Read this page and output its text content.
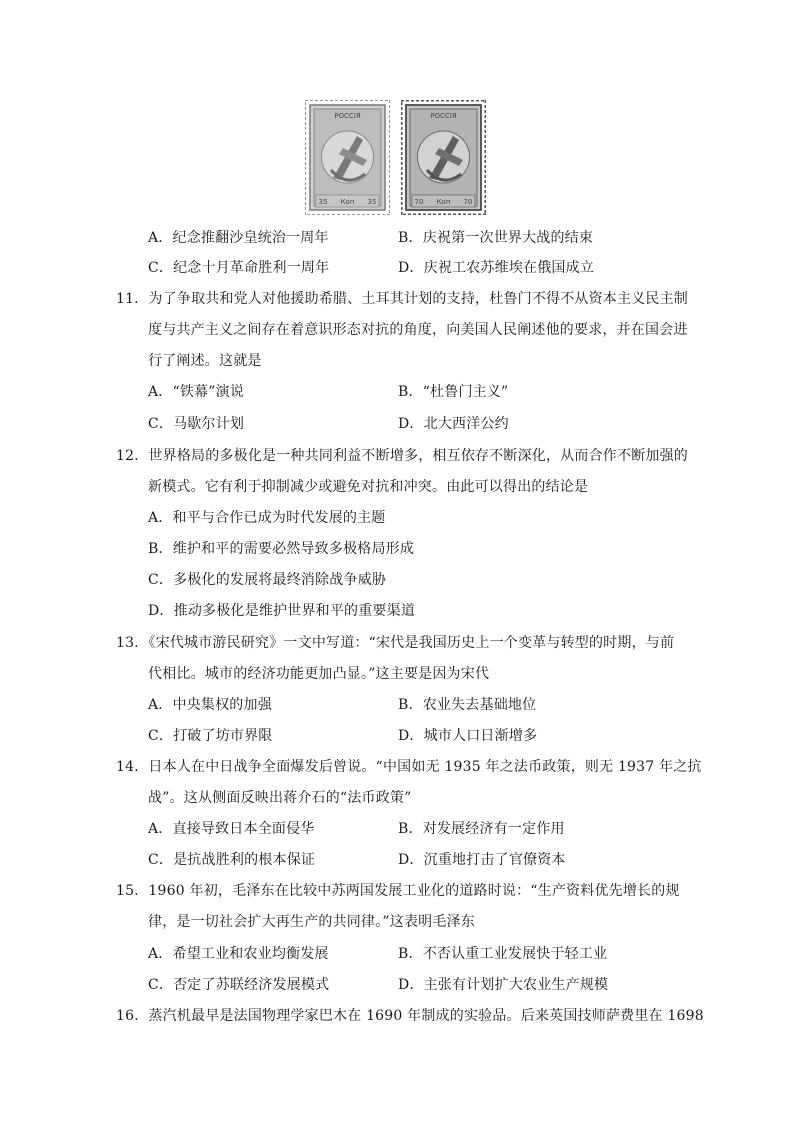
РОССIЯ
35 Коп 35
РОССIЯ
70 Коп 70
A．纪念推翻沙皇统治一周年	B．庆祝第一次世界大战的结束
C．纪念十月革命胜利一周年	D．庆祝工农苏维埃在俄国成立
11．为了争取共和党人对他援助希腊、土耳其计划的支持，杜鲁门不得不从资本主义民主制
度与共产主义之间存在着意识形态对抗的角度，向美国人民阐述他的要求，并在国会进
行了阐述。这就是
A．“铁幕”演说	B．“杜鲁门主义”
C．马歇尔计划	D．北大西洋公约
12．世界格局的多极化是一种共同利益不断增多，相互依存不断深化，从而合作不断加强的
新模式。它有利于抑制减少或避免对抗和冲突。由此可以得出的结论是
A．和平与合作已成为时代发展的主题
B．维护和平的需要必然导致多极格局形成
C．多极化的发展将最终消除战争威胁
D．推动多极化是维护世界和平的重要渠道
13．《宋代城市游民研究》一文中写道：“宋代是我国历史上一个变革与转型的时期，与前
代相比。城市的经济功能更加凸显。”这主要是因为宋代
A．中央集权的加强	B．农业失去基础地位
C．打破了坊市界限	D．城市人口日渐增多
14．日本人在中日战争全面爆发后曾说。“中国如无 1935 年之法币政策，则无 1937 年之抗
战”。这从侧面反映出蒋介石的“法币政策”
A．直接导致日本全面侵华	B．对发展经济有一定作用
C．是抗战胜利的根本保证	D．沉重地打击了官僚资本
15．1960 年初，毛泽东在比较中苏两国发展工业化的道路时说：“生产资料优先增长的规
律，是一切社会扩大再生产的共同律。”这表明毛泽东
A．希望工业和农业均衡发展	B．不否认重工业发展快于轻工业
C．否定了苏联经济发展模式	D．主张有计划扩大农业生产规模
16．蒸汽机最早是法国物理学家巴木在 1690 年制成的实验品。后来英国技师萨费里在 1698
